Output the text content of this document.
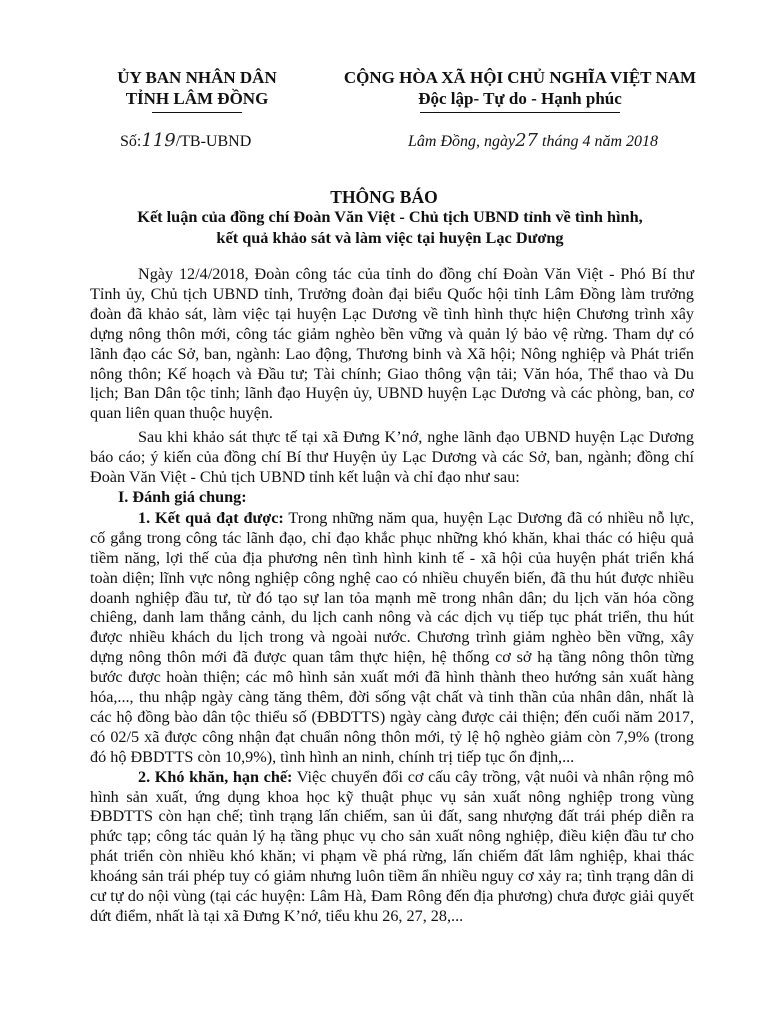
ỦY BAN NHÂN DÂN
TỈNH LÂM ĐỒNG
CỘNG HÒA XÃ HỘI CHỦ NGHĨA VIỆT NAM
Độc lập- Tự do - Hạnh phúc
Số:119/TB-UBND	Lâm Đồng, ngày27 tháng 4 năm 2018
THÔNG BÁO
Kết luận của đồng chí Đoàn Văn Việt - Chủ tịch UBND tỉnh về tình hình,
kết quả khảo sát và làm việc tại huyện Lạc Dương

Ngày 12/4/2018, Đoàn công tác của tỉnh do đồng chí Đoàn Văn Việt - Phó Bí thư Tỉnh ủy, Chủ tịch UBND tỉnh, Trưởng đoàn đại biểu Quốc hội tỉnh Lâm Đồng làm trưởng đoàn đã khảo sát, làm việc tại huyện Lạc Dương về tình hình thực hiện Chương trình xây dựng nông thôn mới, công tác giảm nghèo bền vững và quản lý bảo vệ rừng. Tham dự có lãnh đạo các Sở, ban, ngành: Lao động, Thương binh và Xã hội; Nông nghiệp và Phát triển nông thôn; Kế hoạch và Đầu tư; Tài chính; Giao thông vận tải; Văn hóa, Thể thao và Du lịch; Ban Dân tộc tỉnh; lãnh đạo Huyện ủy, UBND huyện Lạc Dương và các phòng, ban, cơ quan liên quan thuộc huyện.

Sau khi khảo sát thực tế tại xã Đưng K’nớ, nghe lãnh đạo UBND huyện Lạc Dương báo cáo; ý kiến của đồng chí Bí thư Huyện ủy Lạc Dương và các Sở, ban, ngành; đồng chí Đoàn Văn Việt - Chủ tịch UBND tỉnh kết luận và chỉ đạo như sau:

I. Đánh giá chung:

1. Kết quả đạt được: Trong những năm qua, huyện Lạc Dương đã có nhiều nỗ lực, cố gắng trong công tác lãnh đạo, chỉ đạo khắc phục những khó khăn, khai thác có hiệu quả tiềm năng, lợi thế của địa phương nên tình hình kinh tế - xã hội của huyện phát triển khá toàn diện; lĩnh vực nông nghiệp công nghệ cao có nhiều chuyển biến, đã thu hút được nhiều doanh nghiệp đầu tư, từ đó tạo sự lan tỏa mạnh mẽ trong nhân dân; du lịch văn hóa cồng chiêng, danh lam thắng cảnh, du lịch canh nông và các dịch vụ tiếp tục phát triển, thu hút được nhiều khách du lịch trong và ngoài nước. Chương trình giảm nghèo bền vững, xây dựng nông thôn mới đã được quan tâm thực hiện, hệ thống cơ sở hạ tầng nông thôn từng bước được hoàn thiện; các mô hình sản xuất mới đã hình thành theo hướng sản xuất hàng hóa,..., thu nhập ngày càng tăng thêm, đời sống vật chất và tinh thần của nhân dân, nhất là các hộ đồng bào dân tộc thiểu số (ĐBDTTS) ngày càng được cải thiện; đến cuối năm 2017, có 02/5 xã được công nhận đạt chuẩn nông thôn mới, tỷ lệ hộ nghèo giảm còn 7,9% (trong đó hộ ĐBDTTS còn 10,9%), tình hình an ninh, chính trị tiếp tục ổn định,...

2. Khó khăn, hạn chế: Việc chuyển đổi cơ cấu cây trồng, vật nuôi và nhân rộng mô hình sản xuất, ứng dụng khoa học kỹ thuật phục vụ sản xuất nông nghiệp trong vùng ĐBDTTS còn hạn chế; tình trạng lấn chiếm, san ủi đất, sang nhượng đất trái phép diễn ra phức tạp; công tác quản lý hạ tầng phục vụ cho sản xuất nông nghiệp, điều kiện đầu tư cho phát triển còn nhiều khó khăn; vi phạm về phá rừng, lấn chiếm đất lâm nghiệp, khai thác khoáng sản trái phép tuy có giảm nhưng luôn tiềm ẩn nhiều nguy cơ xảy ra; tình trạng dân di cư tự do nội vùng (tại các huyện: Lâm Hà, Đam Rông đến địa phương) chưa được giải quyết dứt điểm, nhất là tại xã Đưng K’nớ, tiểu khu 26, 27, 28,...
